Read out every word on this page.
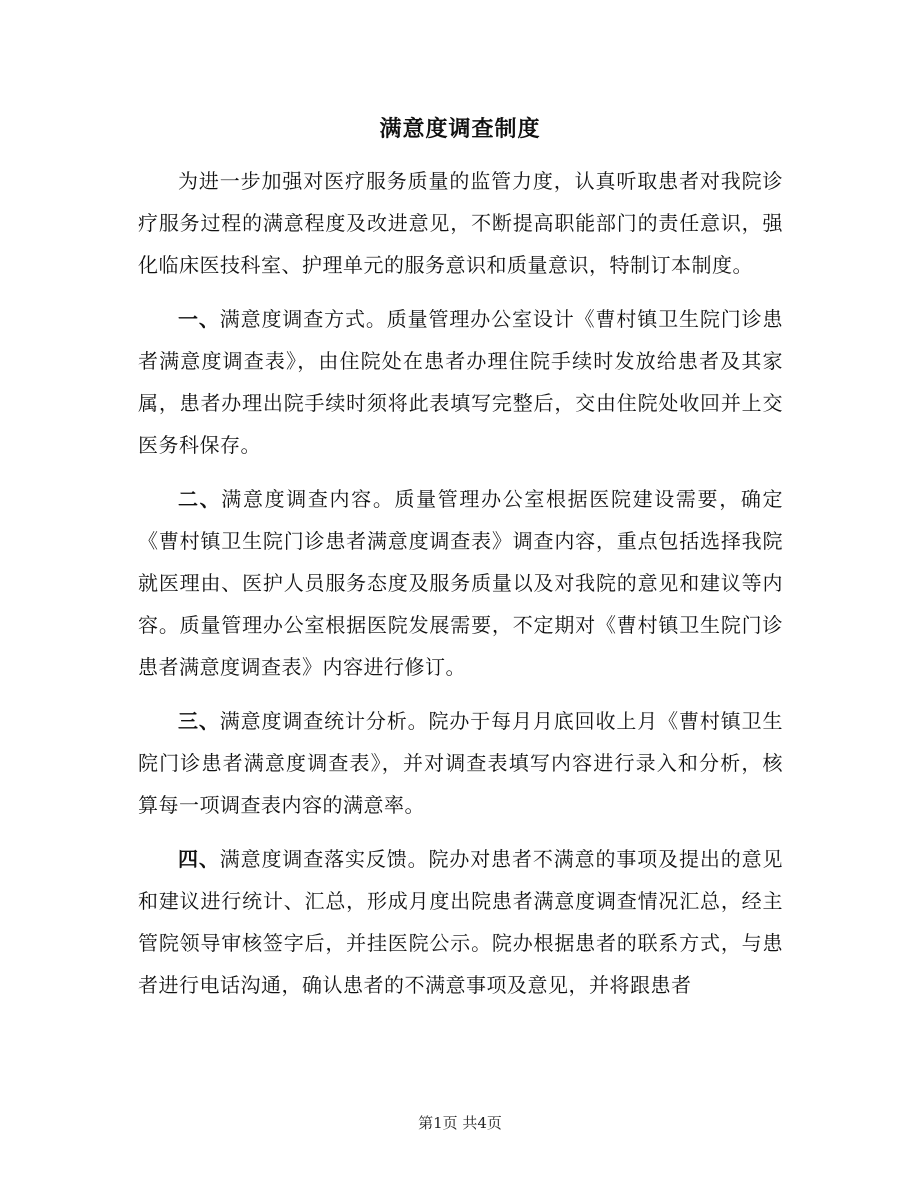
满意度调查制度

为进一步加强对医疗服务质量的监管力度，认真听取患者对我院诊疗服务过程的满意程度及改进意见，不断提高职能部门的责任意识，强化临床医技科室、护理单元的服务意识和质量意识，特制订本制度。

一、满意度调查方式。质量管理办公室设计《曹村镇卫生院门诊患者满意度调查表》，由住院处在患者办理住院手续时发放给患者及其家属，患者办理出院手续时须将此表填写完整后，交由住院处收回并上交医务科保存。

二、满意度调查内容。质量管理办公室根据医院建设需要，确定《曹村镇卫生院门诊患者满意度调查表》调查内容，重点包括选择我院就医理由、医护人员服务态度及服务质量以及对我院的意见和建议等内容。质量管理办公室根据医院发展需要，不定期对《曹村镇卫生院门诊患者满意度调查表》内容进行修订。

三、满意度调查统计分析。院办于每月月底回收上月《曹村镇卫生院门诊患者满意度调查表》，并对调查表填写内容进行录入和分析，核算每一项调查表内容的满意率。

四、满意度调查落实反馈。院办对患者不满意的事项及提出的意见和建议进行统计、汇总，形成月度出院患者满意度调查情况汇总，经主管院领导审核签字后，并挂医院公示。院办根据患者的联系方式，与患者进行电话沟通，确认患者的不满意事项及意见，并将跟患者

第1页 共4页
